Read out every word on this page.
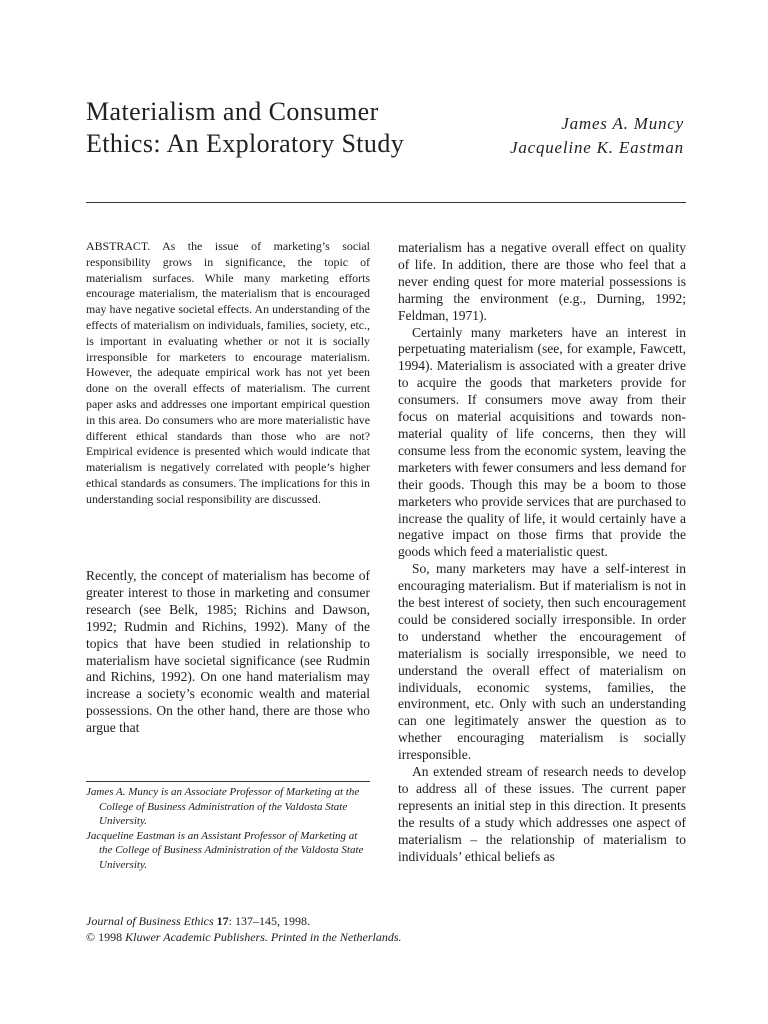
Materialism and Consumer
Ethics: An Exploratory Study
James A. Muncy
Jacqueline K. Eastman
ABSTRACT. As the issue of marketing’s social responsibility grows in significance, the topic of materialism surfaces. While many marketing efforts encourage materialism, the materialism that is encouraged may have negative societal effects. An understanding of the effects of materialism on individuals, families, society, etc., is important in evaluating whether or not it is socially irresponsible for marketers to encourage materialism. However, the adequate empirical work has not yet been done on the overall effects of materialism. The current paper asks and addresses one important empirical question in this area. Do consumers who are more materialistic have different ethical standards than those who are not? Empirical evidence is presented which would indicate that materialism is negatively correlated with people’s higher ethical standards as consumers. The implications for this in understanding social responsibility are discussed.

Recently, the concept of materialism has become of greater interest to those in marketing and consumer research (see Belk, 1985; Richins and Dawson, 1992; Rudmin and Richins, 1992). Many of the topics that have been studied in relationship to materialism have societal significance (see Rudmin and Richins, 1992). On one hand materialism may increase a society’s economic wealth and material possessions. On the other hand, there are those who argue that

materialism has a negative overall effect on quality of life. In addition, there are those who feel that a never ending quest for more material possessions is harming the environment (e.g., Durning, 1992; Feldman, 1971).

Certainly many marketers have an interest in perpetuating materialism (see, for example, Fawcett, 1994). Materialism is associated with a greater drive to acquire the goods that marketers provide for consumers. If consumers move away from their focus on material acquisitions and towards non-material quality of life concerns, then they will consume less from the economic system, leaving the marketers with fewer consumers and less demand for their goods. Though this may be a boom to those marketers who provide services that are purchased to increase the quality of life, it would certainly have a negative impact on those firms that provide the goods which feed a materialistic quest.

So, many marketers may have a self-interest in encouraging materialism. But if materialism is not in the best interest of society, then such encouragement could be considered socially irresponsible. In order to understand whether the encouragement of materialism is socially irresponsible, we need to understand the overall effect of materialism on individuals, economic systems, families, the environment, etc. Only with such an understanding can one legitimately answer the question as to whether encouraging materialism is socially irresponsible.

An extended stream of research needs to develop to address all of these issues. The current paper represents an initial step in this direction. It presents the results of a study which addresses one aspect of materialism – the relationship of materialism to individuals’ ethical beliefs as

James A. Muncy is an Associate Professor of Marketing at the College of Business Administration of the Valdosta State University.
Jacqueline Eastman is an Assistant Professor of Marketing at the College of Business Administration of the Valdosta State University.
Journal of Business Ethics 17: 137–145, 1998.
© 1998 Kluwer Academic Publishers. Printed in the Netherlands.
